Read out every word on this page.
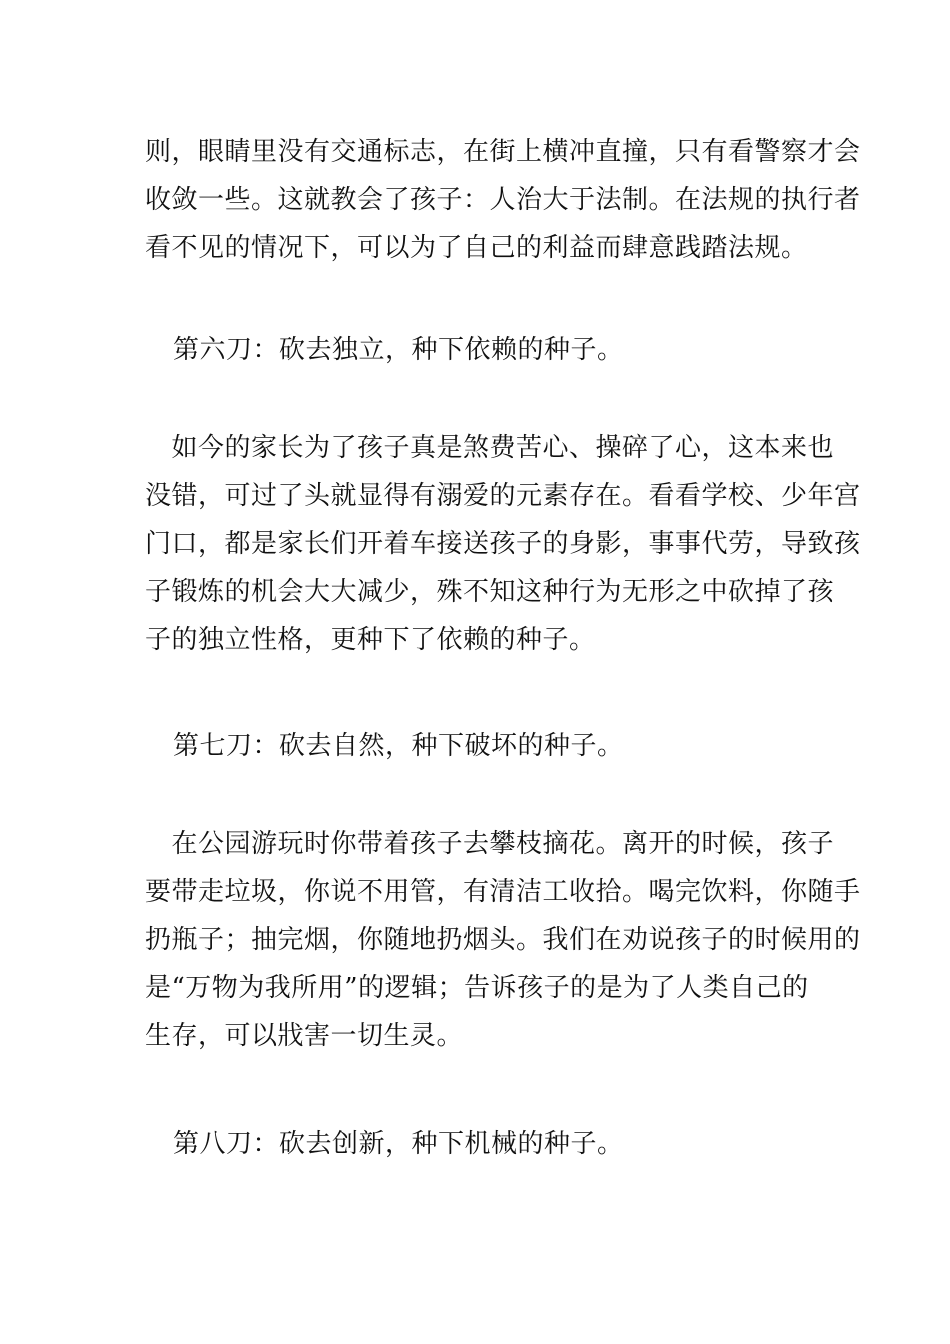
则，眼睛里没有交通标志，在街上横冲直撞，只有看警察才会
收敛一些。这就教会了孩子：人治大于法制。在法规的执行者
看不见的情况下，可以为了自己的利益而肆意践踏法规。

第六刀：砍去独立，种下依赖的种子。

　如今的家长为了孩子真是煞费苦心、操碎了心，这本来也
没错，可过了头就显得有溺爱的元素存在。看看学校、少年宫
门口，都是家长们开着车接送孩子的身影，事事代劳，导致孩
子锻炼的机会大大减少，殊不知这种行为无形之中砍掉了孩
子的独立性格，更种下了依赖的种子。

第七刀：砍去自然，种下破坏的种子。

　在公园游玩时你带着孩子去攀枝摘花。离开的时候，孩子
要带走垃圾，你说不用管，有清洁工收拾。喝完饮料，你随手
扔瓶子；抽完烟，你随地扔烟头。我们在劝说孩子的时候用的
是“万物为我所用”的逻辑；告诉孩子的是为了人类自己的
生存，可以戕害一切生灵。

第八刀：砍去创新，种下机械的种子。
